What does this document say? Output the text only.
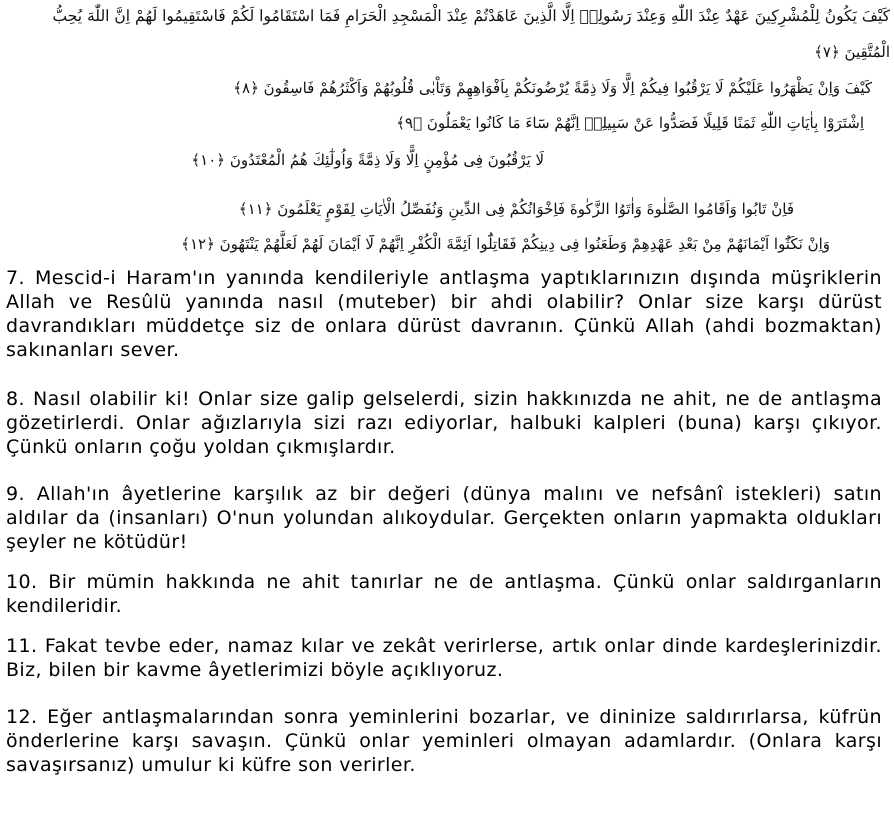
كَيْفَ يَكُونُ لِلْمُشْرِكِينَ عَهْدٌ عِنْدَ اللّٰهِ وَعِنْدَ رَسُولِهٖ اِلَّا الَّذِينَ عَاهَدْتُمْ عِنْدَ الْمَسْجِدِ الْحَرَامِ فَمَا اسْتَقَامُوا لَكُمْ فَاسْتَقِيمُوا لَهُمْ اِنَّ اللّٰهَ يُحِبُّ
الْمُتَّقِينَ ﴿٧﴾
كَيْفَ وَاِنْ يَظْهَرُوا عَلَيْكُمْ لَا يَرْقُبُوا فِيكُمْ اِلًّا وَلَا ذِمَّةً يُرْضُونَكُمْ بِاَفْوَاهِهِمْ وَتَاْبٰى قُلُوبُهُمْ وَاَكْثَرُهُمْ فَاسِقُونَ ﴿٨﴾
اِشْتَرَوْا بِاٰيَاتِ اللّٰهِ ثَمَنًا قَلِيلًا فَصَدُّوا عَنْ سَبِيلِهٖ اِنَّهُمْ سَٓاءَ مَا كَانُوا يَعْمَلُونَ ﴿٩﴾
لَا يَرْقُبُونَ فِى مُؤْمِنٍ اِلًّا وَلَا ذِمَّةً وَاُولٰٓئِكَ هُمُ الْمُعْتَدُونَ ﴿١٠﴾
فَاِنْ تَابُوا وَاَقَامُوا الصَّلٰوةَ وَاٰتَوُا الزَّكٰوةَ فَاِخْوَانُكُمْ فِى الدِّينِ وَنُفَصِّلُ الْاٰيَاتِ لِقَوْمٍ يَعْلَمُونَ ﴿١١﴾
وَاِنْ نَكَثُٓوا اَيْمَانَهُمْ مِنْ بَعْدِ عَهْدِهِمْ وَطَعَنُوا فِى دِينِكُمْ فَقَاتِلُٓوا اَئِمَّةَ الْكُفْرِ اِنَّهُمْ لَٓا اَيْمَانَ لَهُمْ لَعَلَّهُمْ يَنْتَهُونَ ﴿١٢﴾
7. Mescid-i Haram'ın yanında kendileriyle antlaşma yaptıklarınızın dışında müşriklerin Allah ve Resûlü yanında nasıl (muteber) bir ahdi olabilir? Onlar size karşı dürüst davrandıkları müddetçe siz de onlara dürüst davranın. Çünkü Allah (ahdi bozmaktan) sakınanları sever.
8. Nasıl olabilir ki! Onlar size galip gelselerdi, sizin hakkınızda ne ahit, ne de antlaşma gözetirlerdi. Onlar ağızlarıyla sizi razı ediyorlar, halbuki kalpleri (buna) karşı çıkıyor. Çünkü onların çoğu yoldan çıkmışlardır.
9. Allah'ın âyetlerine karşılık az bir değeri (dünya malını ve nefsânî istekleri) satın aldılar da (insanları) O'nun yolundan alıkoydular. Gerçekten onların yapmakta oldukları şeyler ne kötüdür!
10. Bir mümin hakkında ne ahit tanırlar ne de antlaşma. Çünkü onlar saldırganların kendileridir.
11. Fakat tevbe eder, namaz kılar ve zekât verirlerse, artık onlar dinde kardeşlerinizdir. Biz, bilen bir kavme âyetlerimizi böyle açıklıyoruz.
12. Eğer antlaşmalarından sonra yeminlerini bozarlar, ve dininize saldırırlarsa, küfrün önderlerine karşı savaşın. Çünkü onlar yeminleri olmayan adamlardır. (Onlara karşı savaşırsanız) umulur ki küfre son verirler.
